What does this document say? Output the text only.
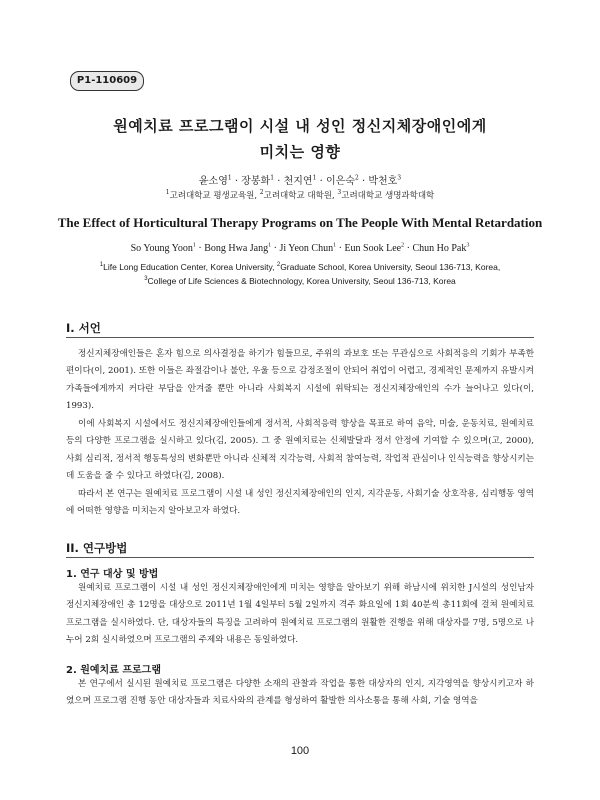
P1-110609
원예치료 프로그램이 시설 내 성인 정신지체장애인에게
미치는 영향
윤소영$^1$ · 장봉화$^1$ · 천지연$^1$ · 이은숙$^2$ · 박천호$^3$
$^1$고려대학교 평생교육원, $^2$고려대학교 대학원, $^3$고려대학교 생명과학대학
The Effect of Horticultural Therapy Programs on The People With Mental Retardation
So Young Yoon$^1$ · Bong Hwa Jang$^1$ · Ji Yeon Chun$^1$ · Eun Sook Lee$^2$ · Chun Ho Pak$^3$
$^1$Life Long Education Center, Korea University, $^2$Graduate School, Korea University, Seoul 136-713, Korea,
$^3$College of Life Sciences & Biotechnology, Korea University, Seoul 136-713, Korea
I. 서언
정신지체장애인들은 혼자 힘으로 의사결정을 하기가 힘들므로, 주위의 과보호 또는 무관심으로 사회적응의 기회가 부족한 편이다(이, 2001). 또한 이들은 좌절감이나 불안, 우울 등으로 감정조절이 안되어 취업이 어렵고, 경제적인 문제까지 유발시켜 가족들에게까지 커다란 부담을 안겨줄 뿐만 아니라 사회복지 시설에 위탁되는 정신지체장애인의 수가 늘어나고 있다(이, 1993).
이에 사회복지 시설에서도 정신지체장애인들에게 정서적, 사회적응력 향상을 목표로 하여 음악, 미술, 운동치료, 원예치료 등의 다양한 프로그램을 실시하고 있다(김, 2005). 그 중 원예치료는 신체발달과 정서 안정에 기여할 수 있으며(고, 2000), 사회 심리적, 정서적 행동특성의 변화뿐만 아니라 신체적 지각능력, 사회적 참여능력, 작업적 관심이나 인식능력을 향상시키는 데 도움을 줄 수 있다고 하였다(김, 2008).
따라서 본 연구는 원예치료 프로그램이 시설 내 성인 정신지체장애인의 인지, 지각운동, 사회기술 상호작용, 심리행동 영역에 어떠한 영향을 미치는지 알아보고자 하였다.
II. 연구방법
1. 연구 대상 및 방법
원예치료 프로그램이 시설 내 성인 정신지체장애인에게 미치는 영향을 알아보기 위해 하남시에 위치한 J시설의 성인남자 정신지체장애인 총 12명을 대상으로 2011년 1월 4일부터 5월 2일까지 격주 화요일에 1회 40분씩 총11회에 걸쳐 원예치료 프로그램을 실시하였다. 단, 대상자들의 특징을 고려하여 원예치료 프로그램의 원활한 진행을 위해 대상자를 7명, 5명으로 나누어 2회 실시하였으며 프로그램의 주제와 내용은 동일하였다.
2. 원예치료 프로그램
본 연구에서 실시된 원예치료 프로그램은 다양한 소재의 관찰과 작업을 통한 대상자의 인지, 지각영역을 향상시키고자 하였으며 프로그램 진행 동안 대상자들과 치료사와의 관계를 형성하여 활발한 의사소통을 통해 사회, 기술 영역을
100
